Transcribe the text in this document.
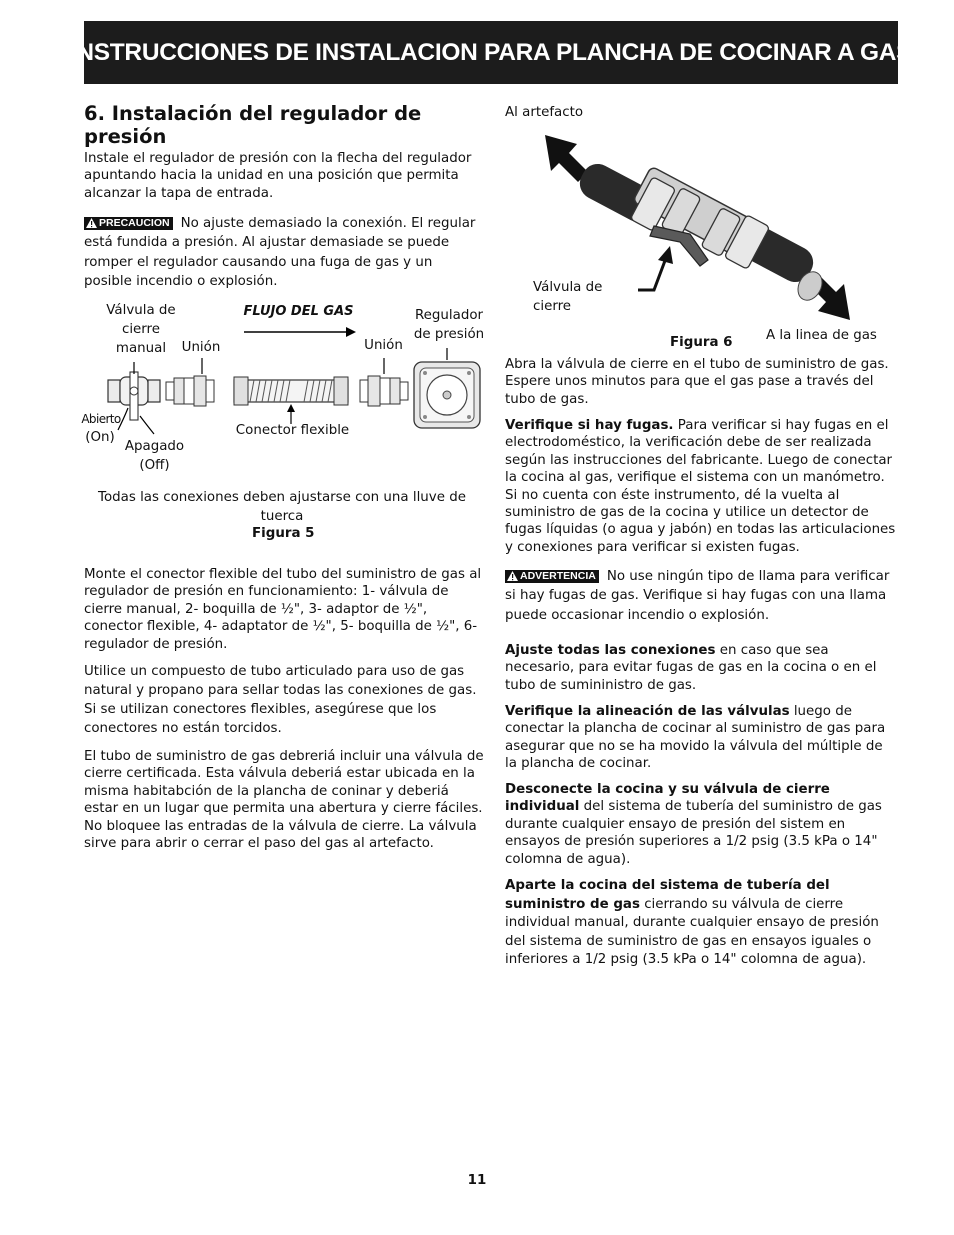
INSTRUCCIONES DE INSTALACION PARA PLANCHA DE COCINAR A GAS
6. Instalación del regulador de presión

Instale el regulador de presión con la flecha del regulador apuntando hacia la unidad en una posición que permita alcanzar la tapa de entrada.

PRECAUCION No ajuste demasiado la conexión. El regular está fundida a presión. Al ajustar demasiade se puede romper el regulador causando una fuga de gas y un posible incendio o explosión.

Válvula de cierre manual	Unión	Unión
Regulador de presión
FLUJO DEL GAS
Abierto
(On)
Apagado (Off)
Conector flexible
Todas las conexiones deben ajustarse con una lluve de tuerca
Figura 5

Monte el conector flexible del tubo del suministro de gas al regulador de presión en funcionamiento: 1- válvula de cierre manual, 2- boquilla de ½", 3- adaptor de ½", conector flexible, 4- adaptator de ½", 5- boquilla de ½", 6- regulador de presión.

Utilice un compuesto de tubo articulado para uso de gas natural y propano para sellar todas las conexiones de gas. Si se utilizan conectores flexibles, asegúrese que los conectores no están torcidos.

El tubo de suministro de gas debreriá incluir una válvula de cierre certificada. Esta válvula deberiá estar ubicada en la misma habitabción de la plancha de coninar y deberiá estar en un lugar que permita una abertura y cierre fáciles. No bloquee las entradas de la válvula de cierre. La válvula sirve para abrir o cerrar el paso del gas al artefacto.

Al artefacto
Válvula de cierre
A la linea de gas
Figura 6

Abra la válvula de cierre en el tubo de suministro de gas. Espere unos minutos para que el gas pase a través del tubo de gas.

Verifique si hay fugas. Para verificar si hay fugas en el electrodoméstico, la verificación debe de ser realizada según las instrucciones del fabricante. Luego de conectar la cocina al gas, verifique el sistema con un manómetro. Si no cuenta con éste instrumento, dé la vuelta al suministro de gas de la cocina y utilice un detector de fugas líquidas (o agua y jabón) en todas las articulaciones y conexiones para verificar si existen fugas.

ADVERTENCIA No use ningún tipo de llama para verificar si hay fugas de gas. Verifique si hay fugas con una llama puede occasionar incendio o explosión.

Ajuste todas las conexiones en caso que sea necesario, para evitar fugas de gas en la cocina o en el tubo de sumininistro de gas.

Verifique la alineación de las válvulas luego de conectar la plancha de cocinar al suministro de gas para asegurar que no se ha movido la válvula del múltiple de la plancha de cocinar.

Desconecte la cocina y su válvula de cierre individual del sistema de tubería del suministro de gas durante cualquier ensayo de presión del sistem en ensayos de presión superiores a 1/2 psig (3.5 kPa o 14" colomna de agua).

Aparte la cocina del sistema de tubería del suministro de gas cierrando su válvula de cierre individual manual, durante cualquier ensayo de presión del sistema de suministro de gas en ensayos iguales o inferiores a 1/2 psig (3.5 kPa o 14" colomna de agua).

11
